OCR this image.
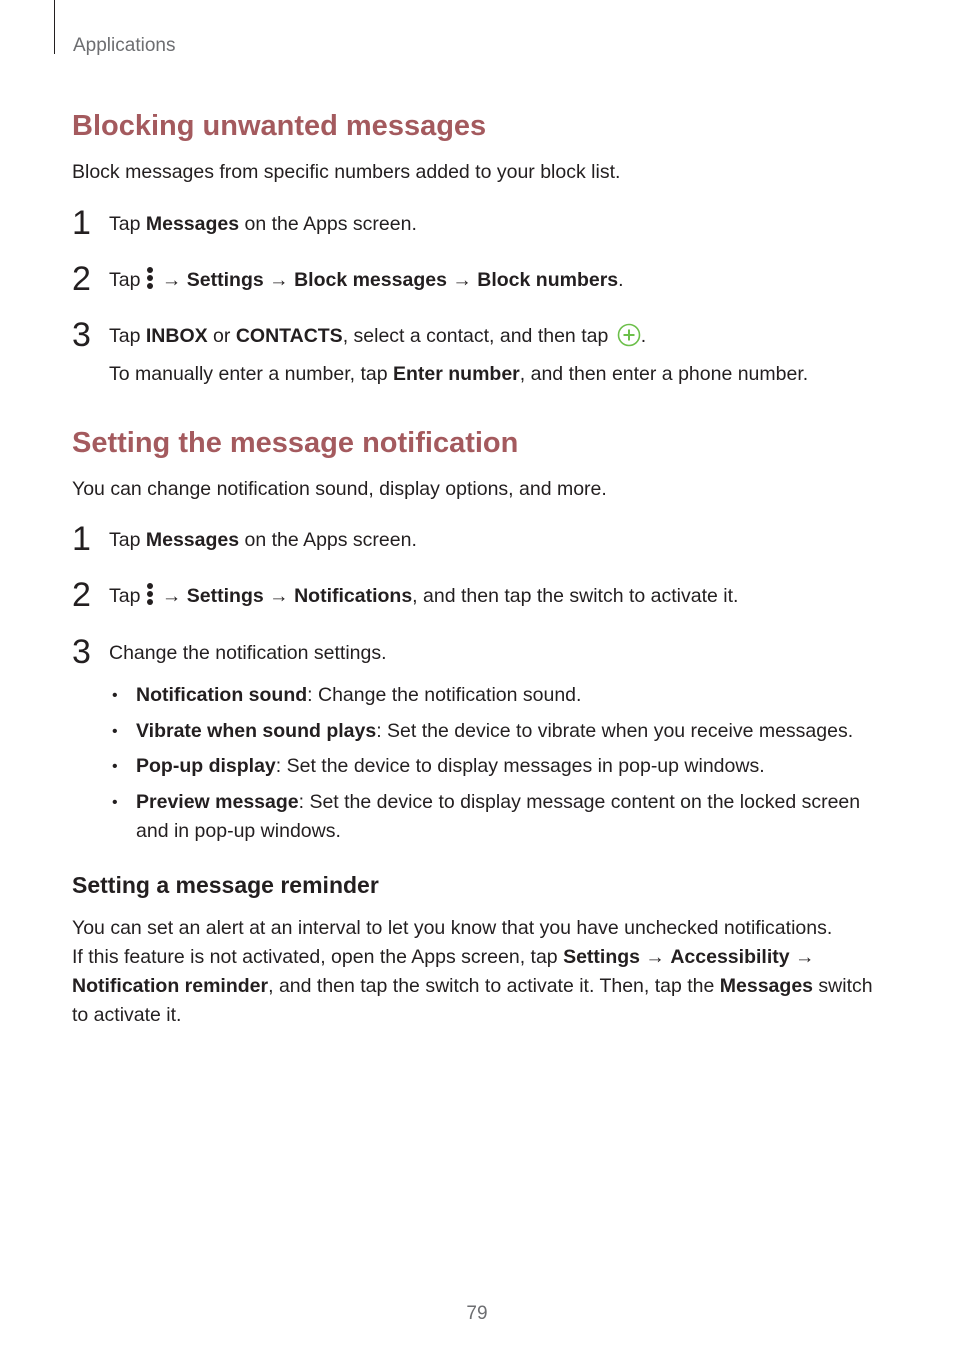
Applications
Blocking unwanted messages
Block messages from specific numbers added to your block list.
1 Tap Messages on the Apps screen.
2 Tap → Settings → Block messages → Block numbers.
3 Tap INBOX or CONTACTS, select a contact, and then tap .
To manually enter a number, tap Enter number, and then enter a phone number.
Setting the message notification
You can change notification sound, display options, and more.
1 Tap Messages on the Apps screen.
2 Tap → Settings → Notifications, and then tap the switch to activate it.
3 Change the notification settings.
• Notification sound: Change the notification sound.
• Vibrate when sound plays: Set the device to vibrate when you receive messages.
• Pop-up display: Set the device to display messages in pop-up windows.
• Preview message: Set the device to display message content on the locked screen
and in pop-up windows.
Setting a message reminder
You can set an alert at an interval to let you know that you have unchecked notifications.
If this feature is not activated, open the Apps screen, tap Settings → Accessibility →
Notification reminder, and then tap the switch to activate it. Then, tap the Messages switch
to activate it.
79
